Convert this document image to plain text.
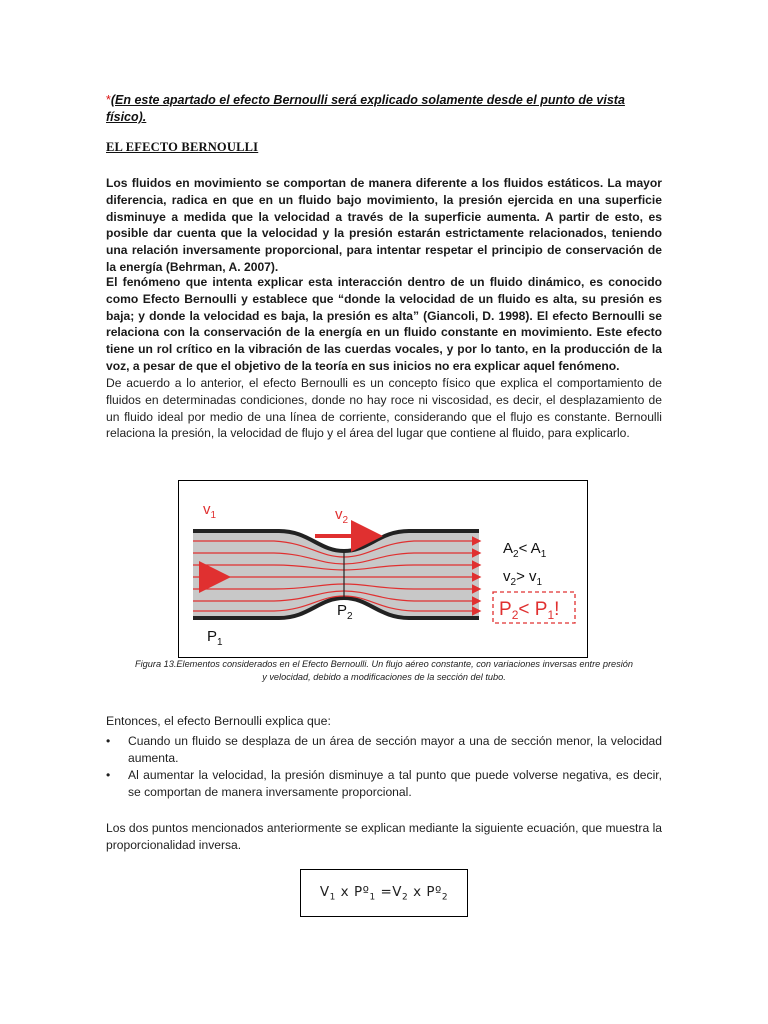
*(En este apartado el efecto Bernoulli será explicado solamente desde el punto de vista físico).
EL EFECTO BERNOULLI
Los fluidos en movimiento se comportan de manera diferente a los fluidos estáticos. La mayor diferencia, radica en que en un fluido bajo movimiento, la presión ejercida en una superficie disminuye a medida que la velocidad a través de la superficie aumenta. A partir de esto, es posible dar cuenta que la velocidad y la presión estarán estrictamente relacionados, teniendo una relación inversamente proporcional, para intentar respetar el principio de conservación de la energía (Behrman, A. 2007).
El fenómeno que intenta explicar esta interacción dentro de un fluido dinámico, es conocido como Efecto Bernoulli y establece que “donde la velocidad de un fluido es alta, su presión es baja; y donde la velocidad es baja, la presión es alta” (Giancoli, D. 1998). El efecto Bernoulli se relaciona con la conservación de la energía en un fluido constante en movimiento. Este efecto tiene un rol crítico en la vibración de las cuerdas vocales, y por lo tanto, en la producción de la voz, a pesar de que el objetivo de la teoría en sus inicios no era explicar aquel fenómeno.
De acuerdo a lo anterior, el efecto Bernoulli es un concepto físico que explica el comportamiento de fluidos en determinadas condiciones, donde no hay roce ni viscosidad, es decir, el desplazamiento de un fluido ideal por medio de una línea de corriente, considerando que el flujo es constante. Bernoulli relaciona la presión, la velocidad de flujo y el área del lugar que contiene al fluido, para explicarlo.
$v_1$	$v_2$
$P_2$
$P_1$
$A_2< A_1$
$v_2> v_1$
$P_2< P_1$!
Figura 13.Elementos considerados en el Efecto Bernoulli. Un flujo aéreo constante, con variaciones inversas entre presión
y velocidad, debido a modificaciones de la sección del tubo.
Entonces, el efecto Bernoulli explica que:
• Cuando un fluido se desplaza de un área de sección mayor a una de sección menor, la velocidad aumenta.
• Al aumentar la velocidad, la presión disminuye a tal punto que puede volverse negativa, es decir, se comportan de manera inversamente proporcional.
Los dos puntos mencionados anteriormente se explican mediante la siguiente ecuación, que muestra la proporcionalidad inversa.
$V_1$ x Pº$_1$ $=V_2$ x Pº$_2$
